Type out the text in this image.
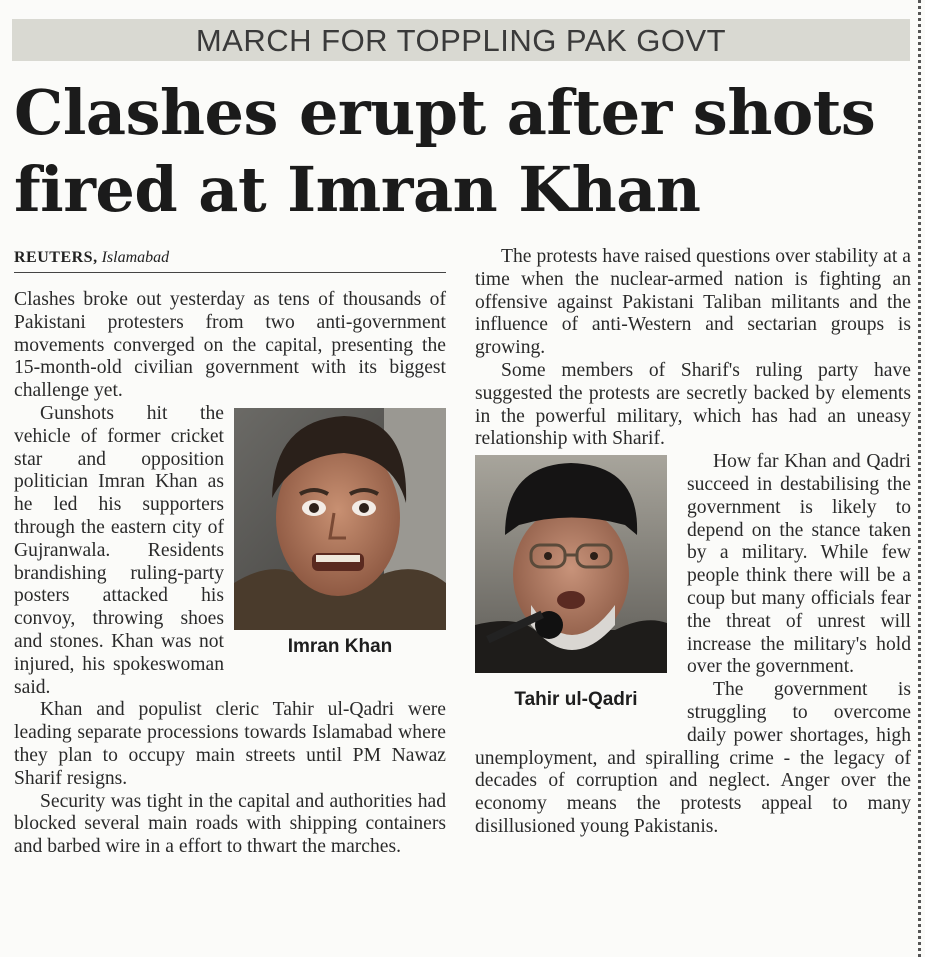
MARCH FOR TOPPLING PAK GOVT
Clashes erupt after shots fired at Imran Khan
REUTERS, Islamabad

Clashes broke out yesterday as tens of thousands of Pakistani protesters from two anti-government movements converged on the capital, presenting the 15-month-old civilian government with its biggest challenge yet.

Imran Khan

Gunshots hit the vehicle of former cricket star and opposition politician Imran Khan as he led his supporters through the eastern city of Gujranwala. Residents brandishing ruling-party posters attacked his convoy, throwing shoes and stones. Khan was not injured, his spokeswoman said.

Khan and populist cleric Tahir ul-Qadri were leading separate processions towards Islamabad where they plan to occupy main streets until PM Nawaz Sharif resigns.

Security was tight in the capital and authorities had blocked several main roads with shipping containers and barbed wire in a effort to thwart the marches.

The protests have raised questions over stability at a time when the nuclear-armed nation is fighting an offensive against Pakistani Taliban militants and the influence of anti-Western and sectarian groups is growing.

Some members of Sharif's ruling party have suggested the protests are secretly backed by elements in the powerful military, which has had an uneasy relationship with Sharif.

Tahir ul-Qadri

How far Khan and Qadri succeed in destabilising the government is likely to depend on the stance taken by a military. While few people think there will be a coup but many officials fear the threat of unrest will increase the military's hold over the government.

The government is struggling to overcome daily power shortages, high unemployment, and spiralling crime - the legacy of decades of corruption and neglect. Anger over the economy means the protests appeal to many disillusioned young Pakistanis.
